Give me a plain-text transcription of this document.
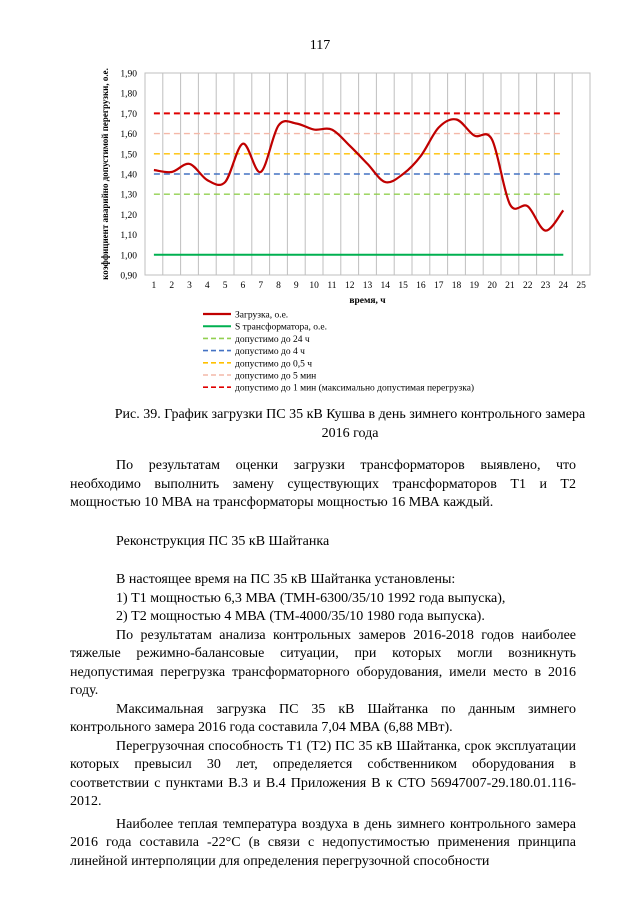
117
0,90
1,00
1,10
1,20
1,30
1,40
1,50
1,60
1,70
1,80
1,90
1 2 3 4 5 6 7 8 9 10 11 12 13 14 15 16 17 18 19 20 21 22 23 24 25
время, ч
коэффициент аварийно допустимой перегрузки, о.е.
Загрузка, о.е.
S трансформатора, о.е.
допустимо до 24 ч
допустимо до 4 ч
допустимо до 0,5 ч
допустимо до 5 мин
допустимо до 1 мин (максимально допустимая перегрузка)
Рис. 39. График загрузки ПС 35 кВ Кушва в день зимнего контрольного замера 2016 года

По результатам оценки загрузки трансформаторов выявлено, что необходимо выполнить замену существующих трансформаторов Т1 и Т2 мощностью 10 МВА на трансформаторы мощностью 16 МВА каждый.

Реконструкция ПС 35 кВ Шайтанка

В настоящее время на ПС 35 кВ Шайтанка установлены:

1) Т1 мощностью 6,3 МВА (ТМН-6300/35/10 1992 года выпуска),

2) Т2 мощностью 4 МВА (ТМ-4000/35/10 1980 года выпуска).

По результатам анализа контрольных замеров 2016-2018 годов наиболее тяжелые режимно-балансовые ситуации, при которых могли возникнуть недопустимая перегрузка трансформаторного оборудования, имели место в 2016 году.

Максимальная загрузка ПС 35 кВ Шайтанка по данным зимнего контрольного замера 2016 года составила 7,04 МВА (6,88 МВт).

Перегрузочная способность Т1 (Т2) ПС 35 кВ Шайтанка, срок эксплуатации которых превысил 30 лет, определяется собственником оборудования в соответствии с пунктами В.3 и В.4 Приложения В к СТО 56947007-29.180.01.116-2012.

Наиболее теплая температура воздуха в день зимнего контрольного замера 2016 года составила -22°С (в связи с недопустимостью применения принципа линейной интерполяции для определения перегрузочной способности
